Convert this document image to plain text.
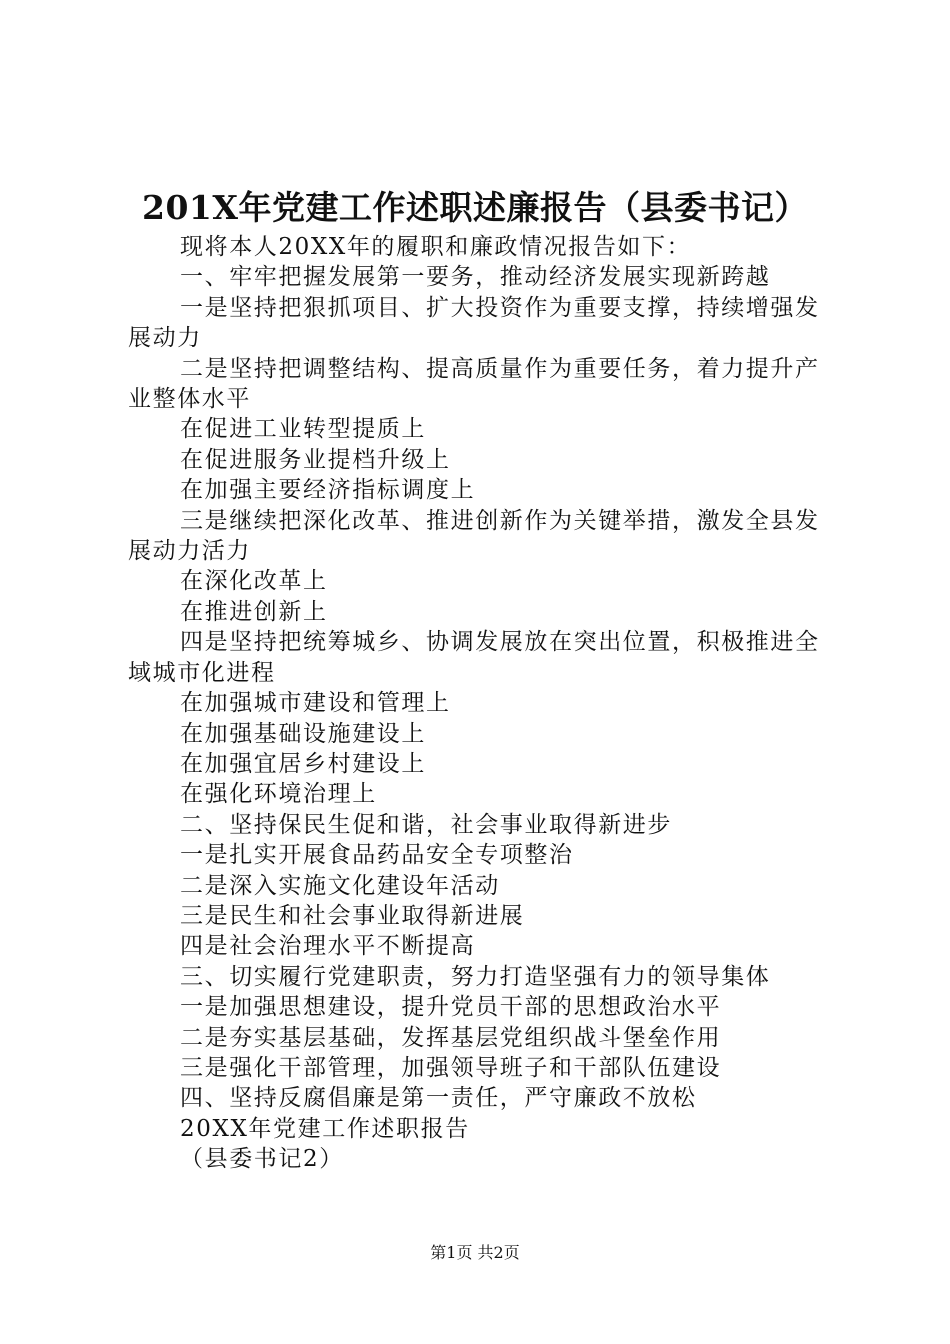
201X年党建工作述职述廉报告（县委书记）

现将本人20XX年的履职和廉政情况报告如下：

一、牢牢把握发展第一要务，推动经济发展实现新跨越

一是坚持把狠抓项目、扩大投资作为重要支撑，持续增强发展动力

二是坚持把调整结构、提高质量作为重要任务，着力提升产业整体水平

在促进工业转型提质上

在促进服务业提档升级上

在加强主要经济指标调度上

三是继续把深化改革、推进创新作为关键举措，激发全县发展动力活力

在深化改革上

在推进创新上

四是坚持把统筹城乡、协调发展放在突出位置，积极推进全域城市化进程

在加强城市建设和管理上

在加强基础设施建设上

在加强宜居乡村建设上

在强化环境治理上

二、坚持保民生促和谐，社会事业取得新进步

一是扎实开展食品药品安全专项整治

二是深入实施文化建设年活动

三是民生和社会事业取得新进展

四是社会治理水平不断提高

三、切实履行党建职责，努力打造坚强有力的领导集体

一是加强思想建设，提升党员干部的思想政治水平

二是夯实基层基础，发挥基层党组织战斗堡垒作用

三是强化干部管理，加强领导班子和干部队伍建设

四、坚持反腐倡廉是第一责任，严守廉政不放松

20XX年党建工作述职报告

（县委书记2）

第1页 共2页
